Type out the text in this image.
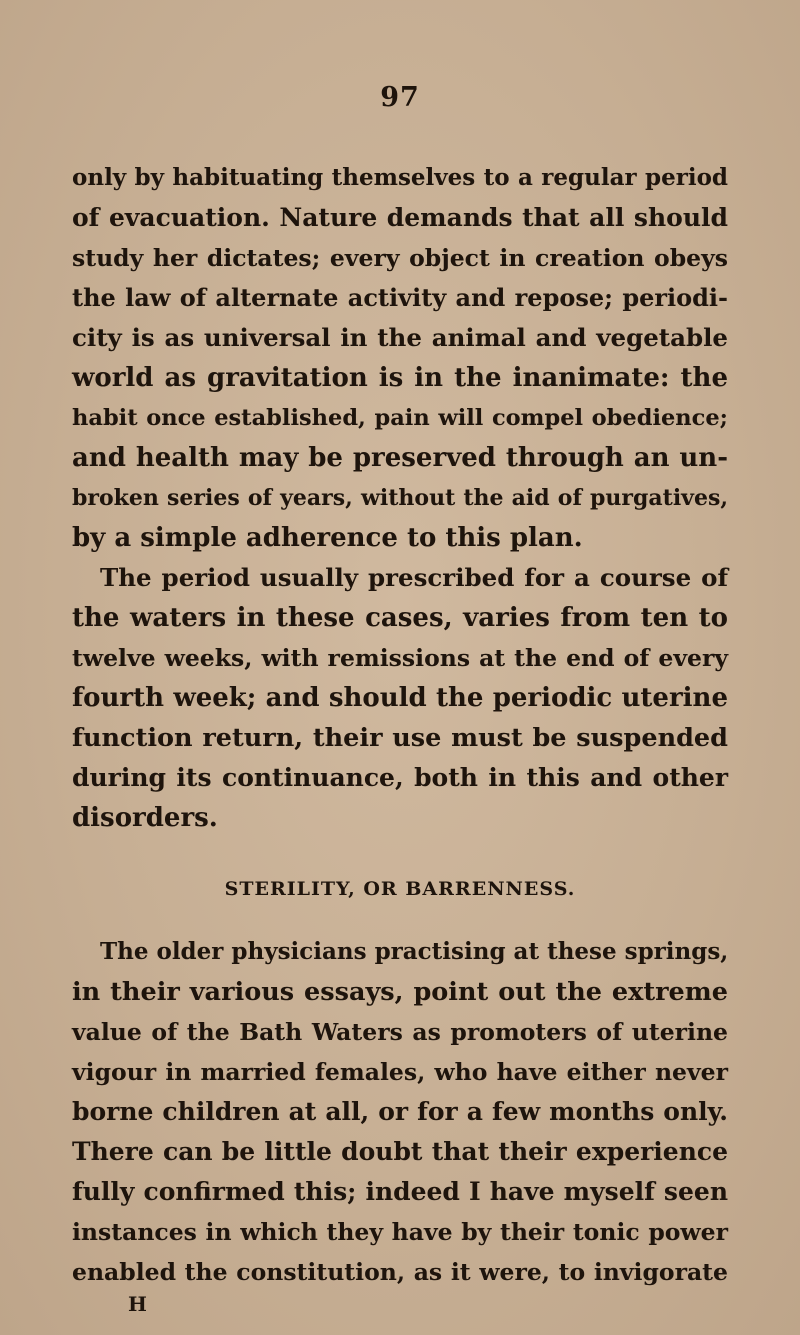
97
only by habituating themselves to a regular period
of evacuation. Nature demands that all should
study her dictates; every object in creation obeys
the law of alternate activity and repose; periodi-
city is as universal in the animal and vegetable
world as gravitation is in the inanimate: the
habit once established, pain will compel obedience;
and health may be preserved through an un-
broken series of years, without the aid of purgatives,
by a simple adherence to this plan.
The period usually prescribed for a course of
the waters in these cases, varies from ten to
twelve weeks, with remissions at the end of every
fourth week; and should the periodic uterine
function return, their use must be suspended
during its continuance, both in this and other
disorders.
STERILITY, OR BARRENNESS.
The older physicians practising at these springs,
in their various essays, point out the extreme
value of the Bath Waters as promoters of uterine
vigour in married females, who have either never
borne children at all, or for a few months only.
There can be little doubt that their experience
fully confirmed this; indeed I have myself seen
instances in which they have by their tonic power
enabled the constitution, as it were, to invigorate
H
